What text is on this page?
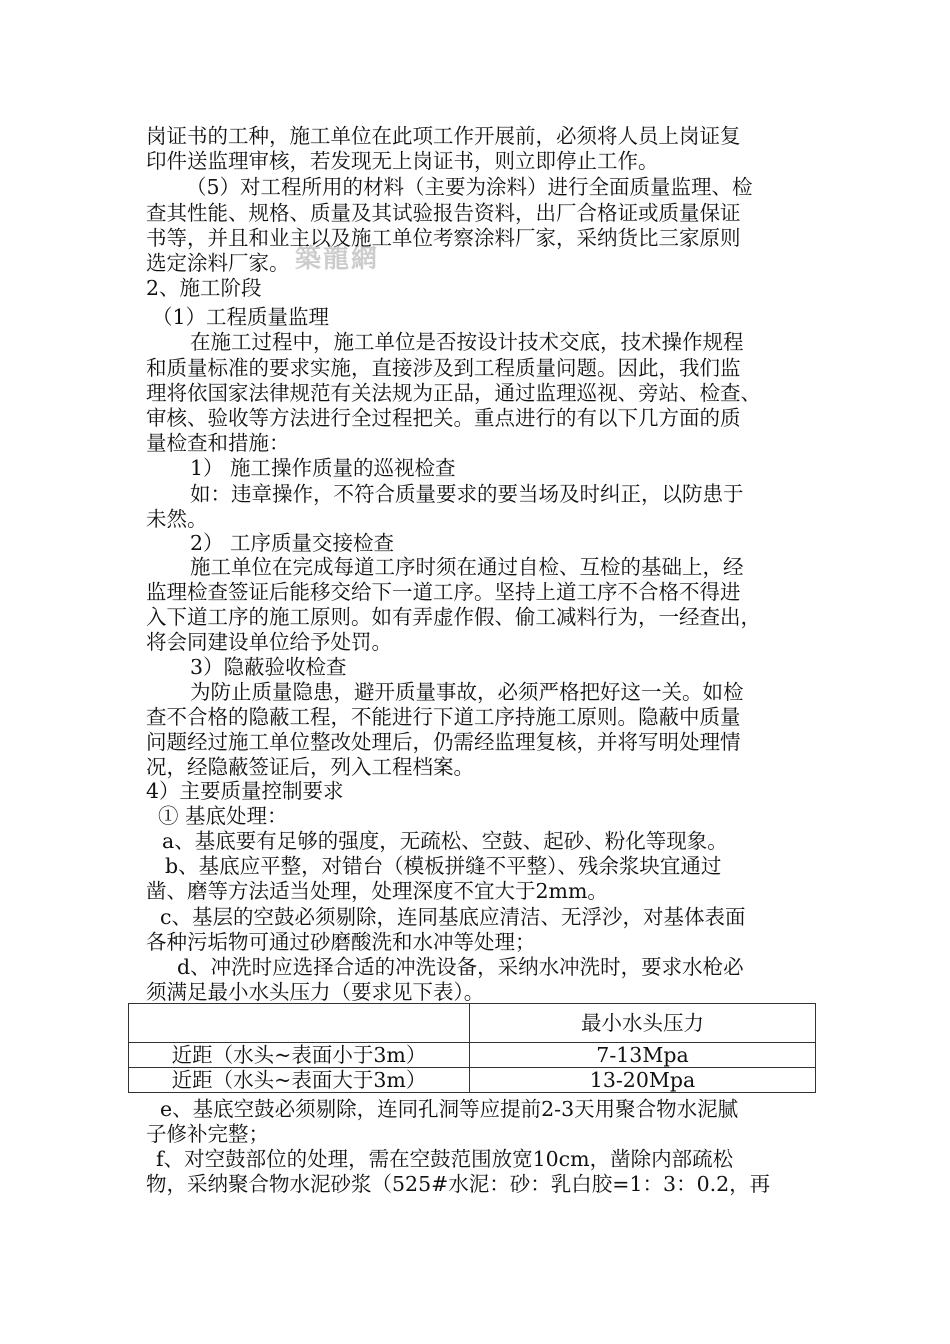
築龍網
岗证书的工种，施工单位在此项工作开展前，必须将人员上岗证复
印件送监理审核，若发现无上岗证书，则立即停止工作。
（5）对工程所用的材料（主要为涂料）进行全面质量监理、检
查其性能、规格、质量及其试验报告资料，出厂合格证或质量保证
书等，并且和业主以及施工单位考察涂料厂家，采纳货比三家原则
选定涂料厂家。
2、施工阶段
（1）工程质量监理
在施工过程中，施工单位是否按设计技术交底，技术操作规程
和质量标准的要求实施，直接涉及到工程质量问题。因此，我们监
理将依国家法律规范有关法规为正品，通过监理巡视、旁站、检查、
审核、验收等方法进行全过程把关。重点进行的有以下几方面的质
量检查和措施：
1） 施工操作质量的巡视检查
如：违章操作，不符合质量要求的要当场及时纠正，以防患于
未然。
2） 工序质量交接检查
施工单位在完成每道工序时须在通过自检、互检的基础上，经
监理检查签证后能移交给下一道工序。坚持上道工序不合格不得进
入下道工序的施工原则。如有弄虚作假、偷工减料行为，一经查出，
将会同建设单位给予处罚。
3）隐蔽验收检查
为防止质量隐患，避开质量事故，必须严格把好这一关。如检
查不合格的隐蔽工程，不能进行下道工序持施工原则。隐蔽中质量
问题经过施工单位整改处理后，仍需经监理复核，并将写明处理情
况，经隐蔽签证后，列入工程档案。
4）主要质量控制要求
① 基底处理：
a、基底要有足够的强度，无疏松、空鼓、起砂、粉化等现象。
b、基底应平整，对错台（模板拼缝不平整）、残余浆块宜通过
凿、磨等方法适当处理，处理深度不宜大于2mm。
c、基层的空鼓必须剔除，连同基底应清洁、无浮沙，对基体表面
各种污垢物可通过砂磨酸洗和水冲等处理；
d、冲洗时应选择合适的冲洗设备，采纳水冲洗时，要求水枪必
须满足最小水头压力（要求见下表）。
	最小水头压力
近距（水头~表面小于3m）	7-13Mpa
近距（水头~表面大于3m）	13-20Mpa
e、基底空鼓必须剔除，连同孔洞等应提前2-3天用聚合物水泥腻
子修补完整；
f、对空鼓部位的处理，需在空鼓范围放宽10cm，凿除内部疏松
物，采纳聚合物水泥砂浆（525#水泥：砂：乳白胶=1：3：0.2，再
